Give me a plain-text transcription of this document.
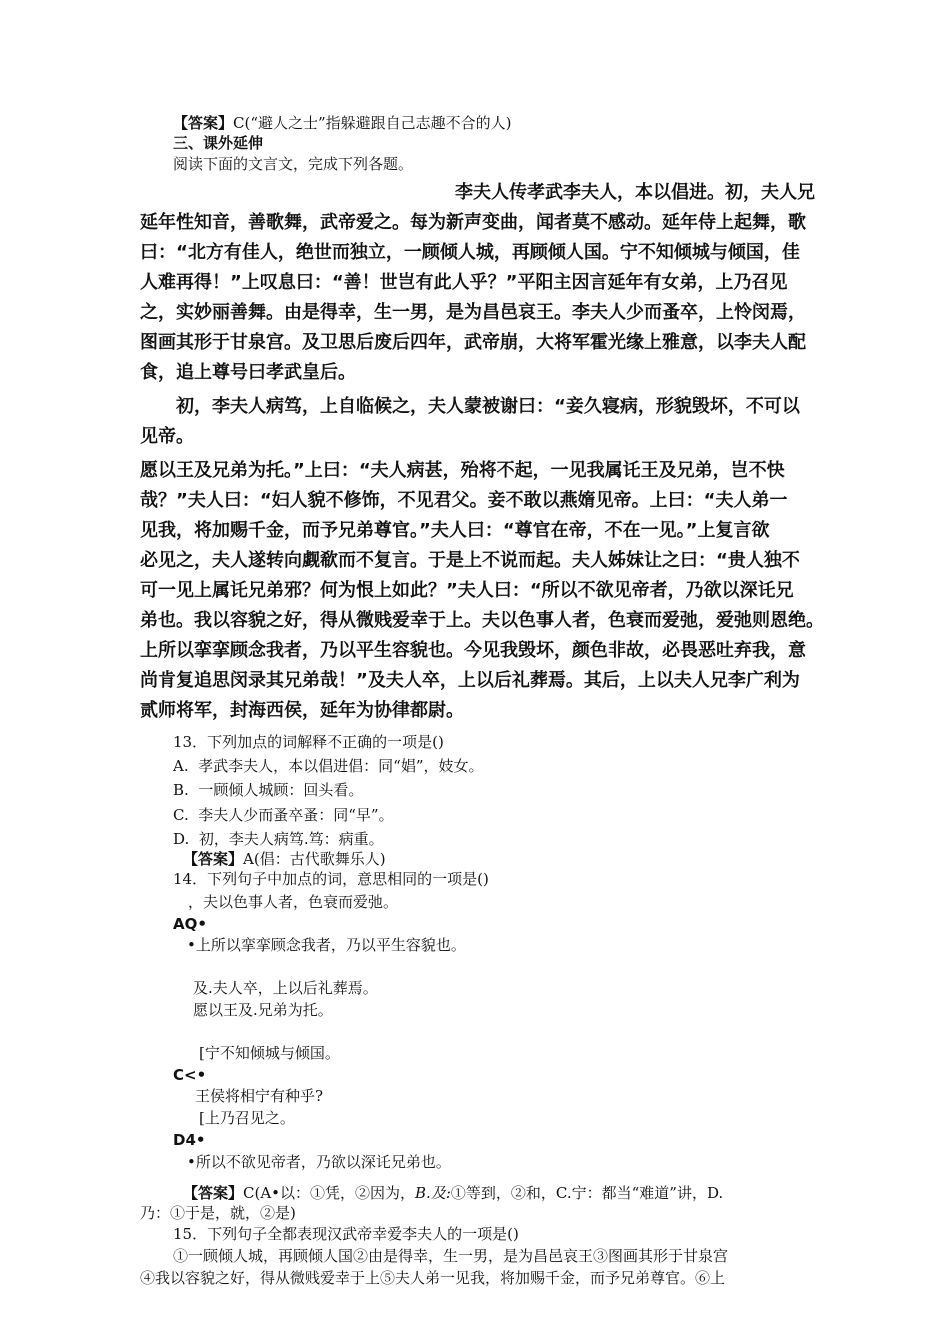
【答案】C(“避人之士”指躲避跟自己志趣不合的人)
三、课外延伸
阅读下面的文言文，完成下列各题。
李夫人传孝武李夫人，本以倡进。初，夫人兄
延年性知音，善歌舞，武帝爱之。每为新声变曲，闻者莫不感动。延年侍上起舞，歌
曰：“北方有佳人，绝世而独立，一顾倾人城，再顾倾人国。宁不知倾城与倾国，佳
人难再得！”上叹息曰：“善！世岂有此人乎？”平阳主因言延年有女弟，上乃召见
之，实妙丽善舞。由是得幸，生一男，是为昌邑哀王。李夫人少而蚤卒，上怜闵焉，
图画其形于甘泉宫。及卫思后废后四年，武帝崩，大将军霍光缘上雅意，以李夫人配
食，追上尊号曰孝武皇后。
初，李夫人病笃，上自临候之，夫人蒙被谢曰：“妾久寝病，形貌毁坏，不可以
见帝。
愿以王及兄弟为托。”上曰：“夫人病甚，殆将不起，一见我属讬王及兄弟，岂不快
哉？”夫人曰：“妇人貌不修饰，不见君父。妾不敢以燕媠见帝。上曰：“夫人弟一
见我，将加赐千金，而予兄弟尊官。”夫人曰：“尊官在帝，不在一见。”上复言欲
必见之，夫人遂转向觑欷而不复言。于是上不说而起。夫人姊妹让之曰：“贵人独不
可一见上属讬兄弟邪？何为恨上如此？”夫人曰：“所以不欲见帝者，乃欲以深讬兄
弟也。我以容貌之好，得从微贱爱幸于上。夫以色事人者，色衰而爱弛，爱弛则恩绝。
上所以挛挛顾念我者，乃以平生容貌也。今见我毁坏，颜色非故，必畏恶吐弃我，意
尚肯复追思闵录其兄弟哉！”及夫人卒，上以后礼葬焉。其后，上以夫人兄李广利为
贰师将军，封海西侯，延年为协律都尉。
13．下列加点的词解释不正确的一项是()
A. 孝武李夫人，本以倡进倡：同“娼”，妓女。
B. 一顾倾人城顾：回头看。
C. 李夫人少而蚤卒蚤：同“早”。
D. 初，李夫人病笃.笃：病重。
【答案】A(倡：古代歌舞乐人)
14．下列句子中加点的词，意思相同的一项是()
，夫以色事人者，色衰而爱弛。
AQ•
•上所以挛挛顾念我者，乃以平生容貌也。
及.夫人卒，上以后礼葬焉。
愿以王及.兄弟为托。
[宁不知倾城与倾国。
C<•
王侯将相宁有种乎?
[上乃召见之。
D4•
•所以不欲见帝者，乃欲以深讬兄弟也。
【答案】C(A•以：①凭，②因为，B.及:①等到，②和，C.宁：都当“难道”讲，D.
乃：①于是，就，②是)
15．下列句子全都表现汉武帝幸爱李夫人的一项是()
①一顾倾人城，再顾倾人国②由是得幸，生一男，是为昌邑哀王③图画其形于甘泉宫
④我以容貌之好，得从微贱爱幸于上⑤夫人弟一见我，将加赐千金，而予兄弟尊官。⑥上
